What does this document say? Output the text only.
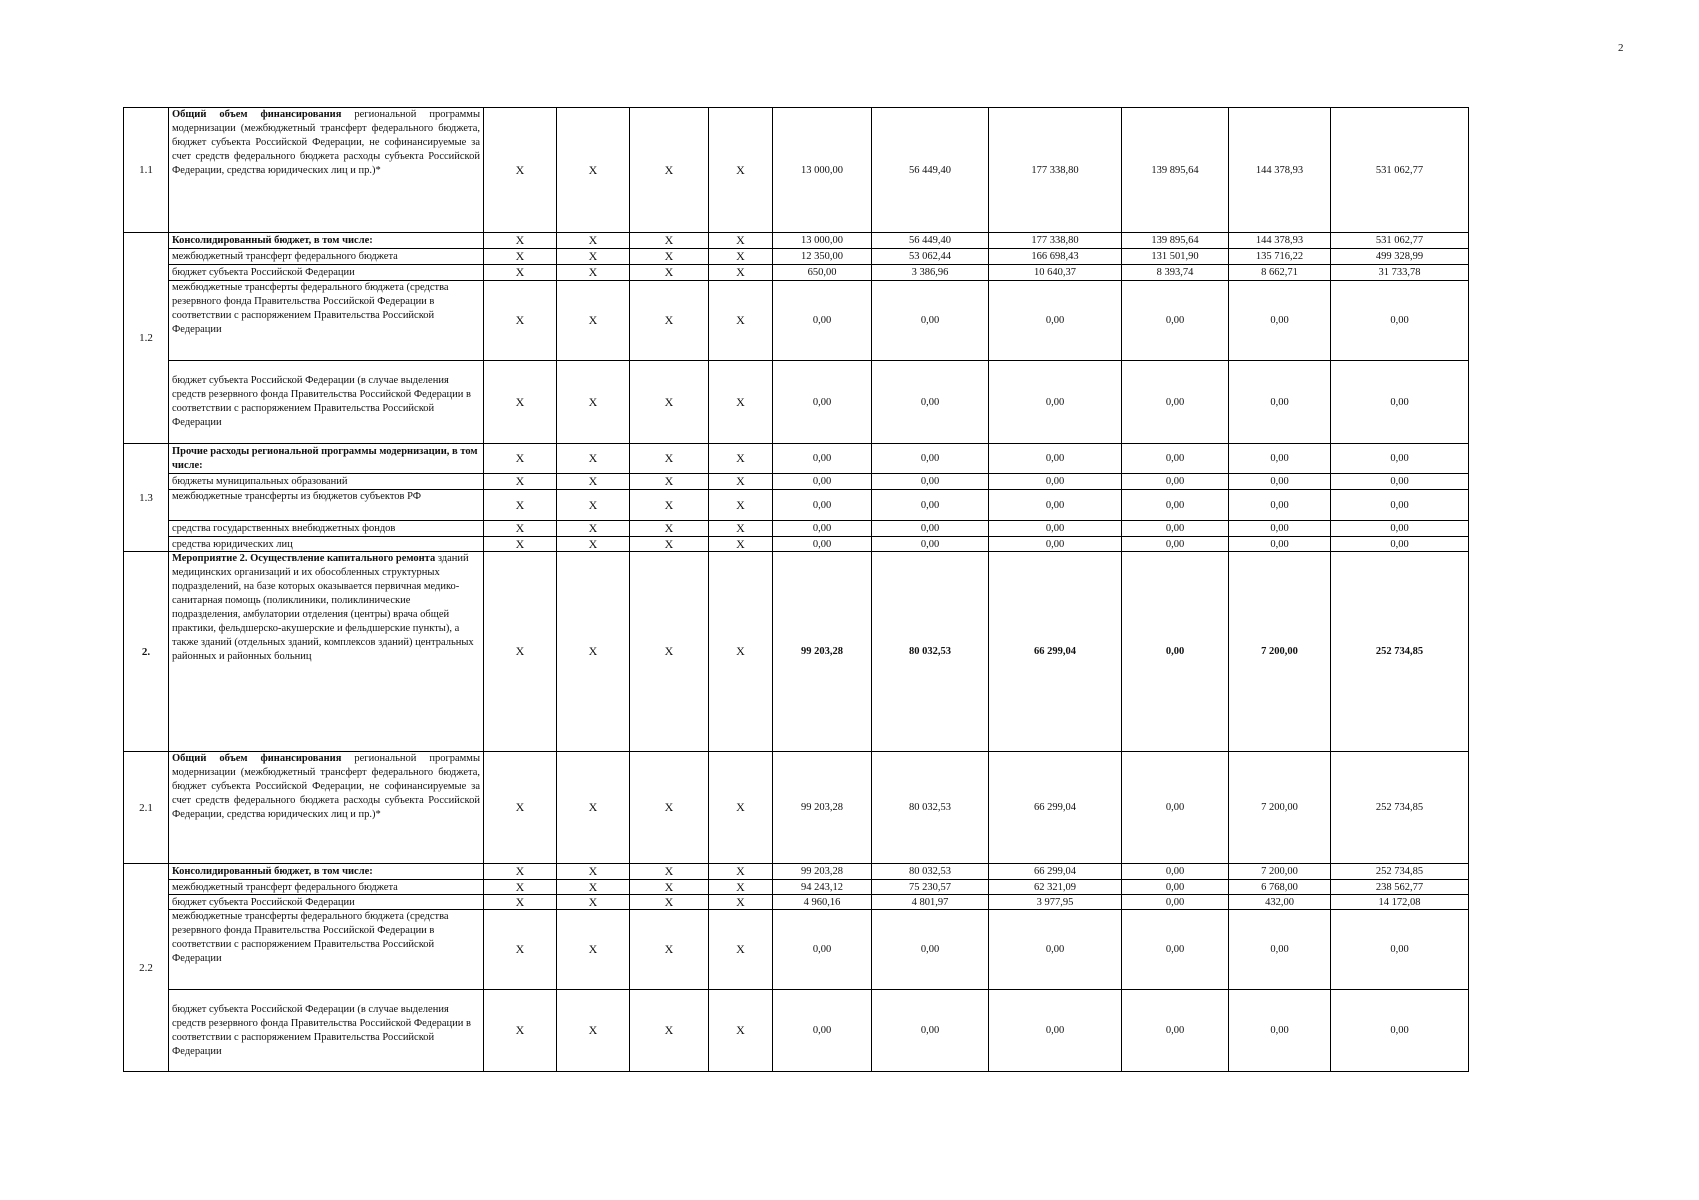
2
1.1	Общий объем финансирования региональной программы модернизации (межбюджетный трансферт федерального бюджета, бюджет субъекта Российской Федерации, не софинансируемые за счет средств федерального бюджета расходы субъекта Российской Федерации, средства юридических лиц и пр.)*	X	X	X	X	13 000,00	56 449,40	177 338,80	139 895,64	144 378,93	531 062,77
1.2	Консолидированный бюджет, в том числе:	X	X	X	X	13 000,00	56 449,40	177 338,80	139 895,64	144 378,93	531 062,77
	межбюджетный трансферт федерального бюджета	X	X	X	X	12 350,00	53 062,44	166 698,43	131 501,90	135 716,22	499 328,99
	бюджет субъекта Российской Федерации	X	X	X	X	650,00	3 386,96	10 640,37	8 393,74	8 662,71	31 733,78
	межбюджетные трансферты федерального бюджета (средства резервного фонда Правительства Российской Федерации в соответствии с распоряжением Правительства Российской Федерации	X	X	X	X	0,00	0,00	0,00	0,00	0,00	0,00
	бюджет субъекта Российской Федерации (в случае выделения средств резервного фонда Правительства Российской Федерации в соответствии с распоряжением Правительства Российской Федерации	X	X	X	X	0,00	0,00	0,00	0,00	0,00	0,00
1.3	Прочие расходы региональной программы модернизации, в том числе:	X	X	X	X	0,00	0,00	0,00	0,00	0,00	0,00
	бюджеты муниципальных образований	X	X	X	X	0,00	0,00	0,00	0,00	0,00	0,00
	межбюджетные трансферты из бюджетов субъектов РФ	X	X	X	X	0,00	0,00	0,00	0,00	0,00	0,00
	средства государственных внебюджетных фондов	X	X	X	X	0,00	0,00	0,00	0,00	0,00	0,00
	средства юридических лиц	X	X	X	X	0,00	0,00	0,00	0,00	0,00	0,00
2.	Мероприятие 2. Осуществление капитального ремонта зданий медицинских организаций и их обособленных структурных подразделений, на базе которых оказывается первичная медико-санитарная помощь (поликлиники, поликлинические подразделения, амбулатории отделения (центры) врача общей практики, фельдшерско-акушерские и фельдшерские пункты), а также зданий (отдельных зданий, комплексов зданий) центральных районных и районных больниц	X	X	X	X	99 203,28	80 032,53	66 299,04	0,00	7 200,00	252 734,85
2.1	Общий объем финансирования региональной программы модернизации (межбюджетный трансферт федерального бюджета, бюджет субъекта Российской Федерации, не софинансируемые за счет средств федерального бюджета расходы субъекта Российской Федерации, средства юридических лиц и пр.)*	X	X	X	X	99 203,28	80 032,53	66 299,04	0,00	7 200,00	252 734,85
2.2	Консолидированный бюджет, в том числе:	X	X	X	X	99 203,28	80 032,53	66 299,04	0,00	7 200,00	252 734,85
	межбюджетный трансферт федерального бюджета	X	X	X	X	94 243,12	75 230,57	62 321,09	0,00	6 768,00	238 562,77
	бюджет субъекта Российской Федерации	X	X	X	X	4 960,16	4 801,97	3 977,95	0,00	432,00	14 172,08
	межбюджетные трансферты федерального бюджета (средства резервного фонда Правительства Российской Федерации в соответствии с распоряжением Правительства Российской Федерации	X	X	X	X	0,00	0,00	0,00	0,00	0,00	0,00
	бюджет субъекта Российской Федерации (в случае выделения средств резервного фонда Правительства Российской Федерации в соответствии с распоряжением Правительства Российской Федерации	X	X	X	X	0,00	0,00	0,00	0,00	0,00	0,00
